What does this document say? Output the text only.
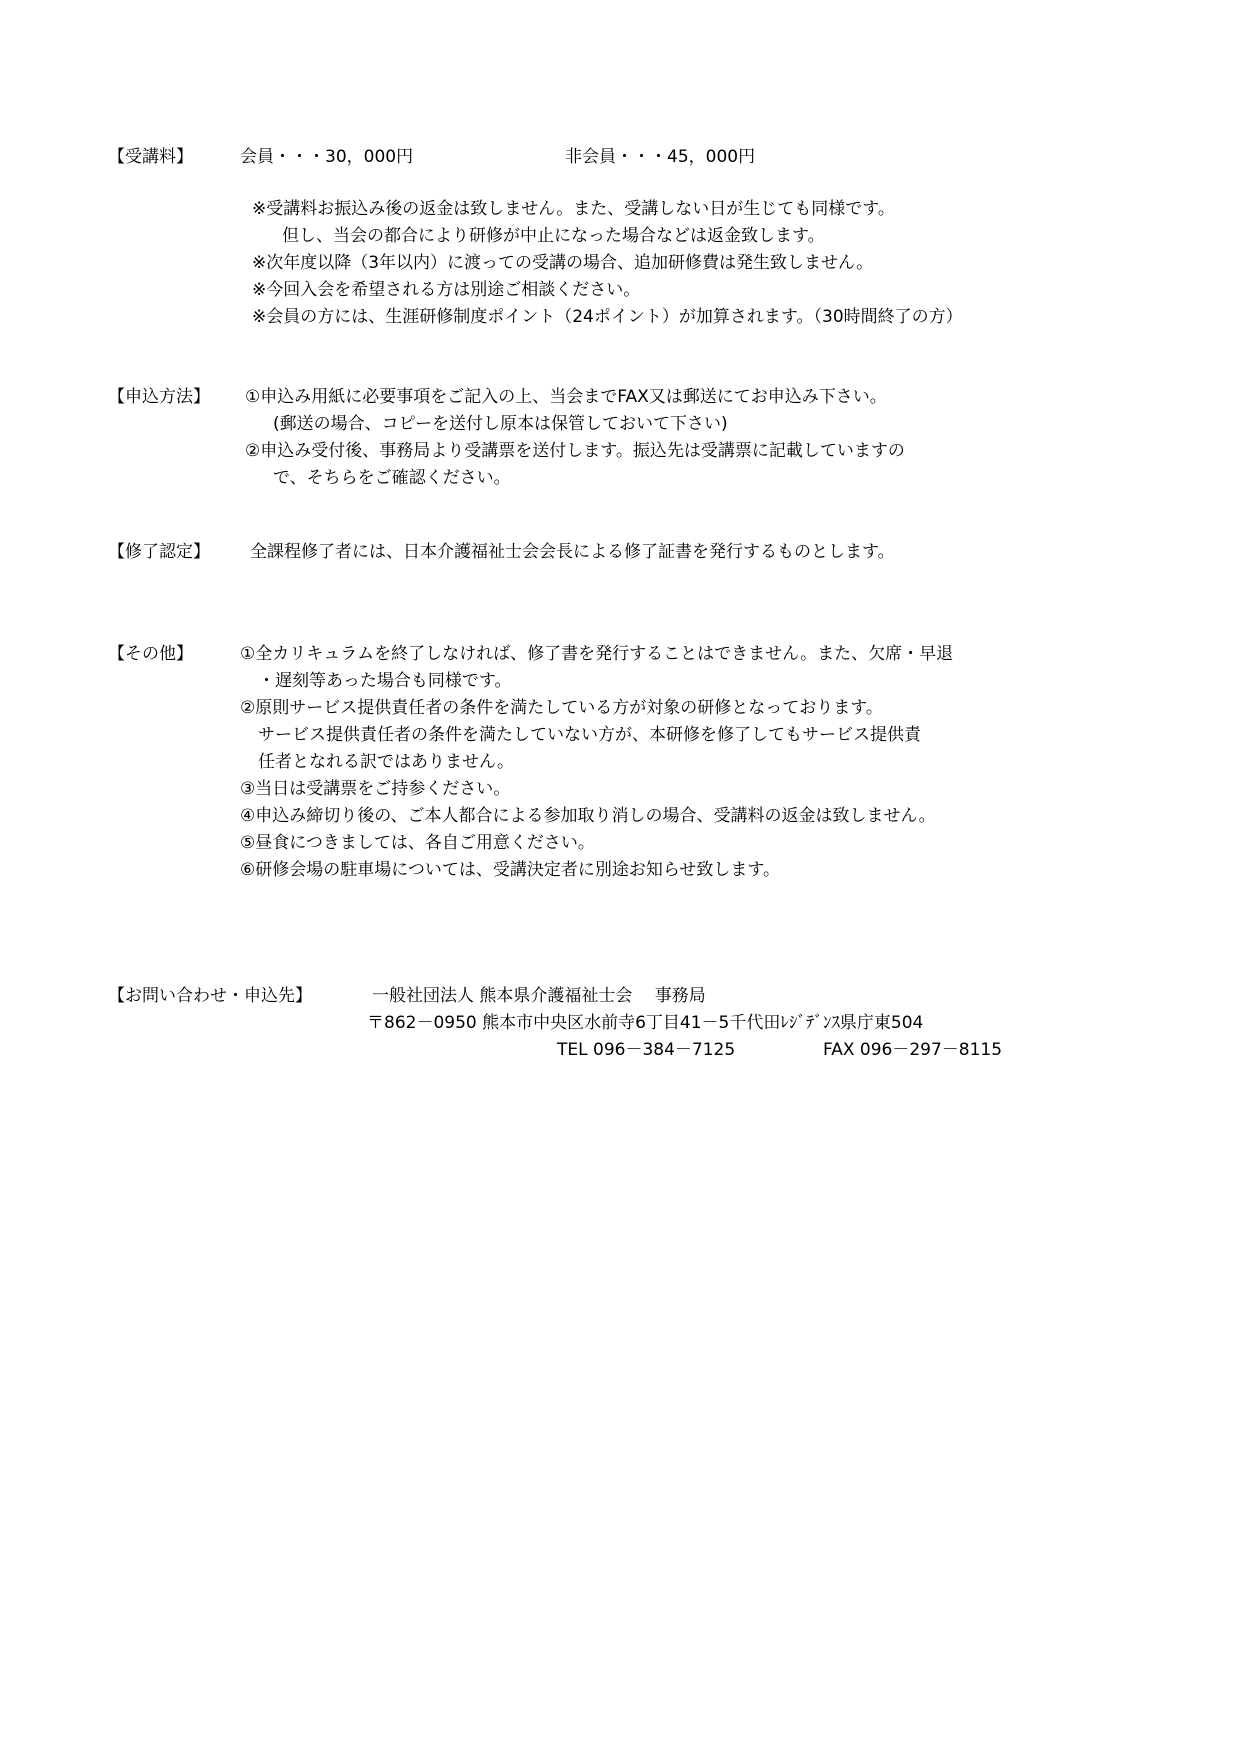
【受講料】	会員・・・30，000円	非会員・・・45，000円
※受講料お振込み後の返金は致しません。また、受講しない日が生じても同様です。
但し、当会の都合により研修が中止になった場合などは返金致します。
※次年度以降（3年以内）に渡っての受講の場合、追加研修費は発生致しません。
※今回入会を希望される方は別途ご相談ください。
※会員の方には、生涯研修制度ポイント（24ポイント）が加算されます。（30時間終了の方）
【申込方法】 ①申込み用紙に必要事項をご記入の上、当会までFAX又は郵送にてお申込み下さい。
(郵送の場合、コピーを送付し原本は保管しておいて下さい)
②申込み受付後、事務局より受講票を送付します。振込先は受講票に記載していますの
で、そちらをご確認ください。
【修了認定】 全課程修了者には、日本介護福祉士会会長による修了証書を発行するものとします。
【その他】	①全カリキュラムを終了しなければ、修了書を発行することはできません。また、欠席・早退
・遅刻等あった場合も同様です。
②原則サービス提供責任者の条件を満たしている方が対象の研修となっております。
サービス提供責任者の条件を満たしていない方が、本研修を修了してもサービス提供責
任者となれる訳ではありません。
③当日は受講票をご持参ください。
④申込み締切り後の、ご本人都合による参加取り消しの場合、受講料の返金は致しません。
⑤昼食につきましては、各自ご用意ください。
⑥研修会場の駐車場については、受講決定者に別途お知らせ致します。
【お問い合わせ・申込先】	一般社団法人 熊本県介護福祉士会　 事務局
〒862－0950 熊本市中央区水前寺6丁目41－5千代田ﾚｼﾞﾃﾞﾝｽ県庁東504
TEL 096－384－7125	FAX 096－297－8115
